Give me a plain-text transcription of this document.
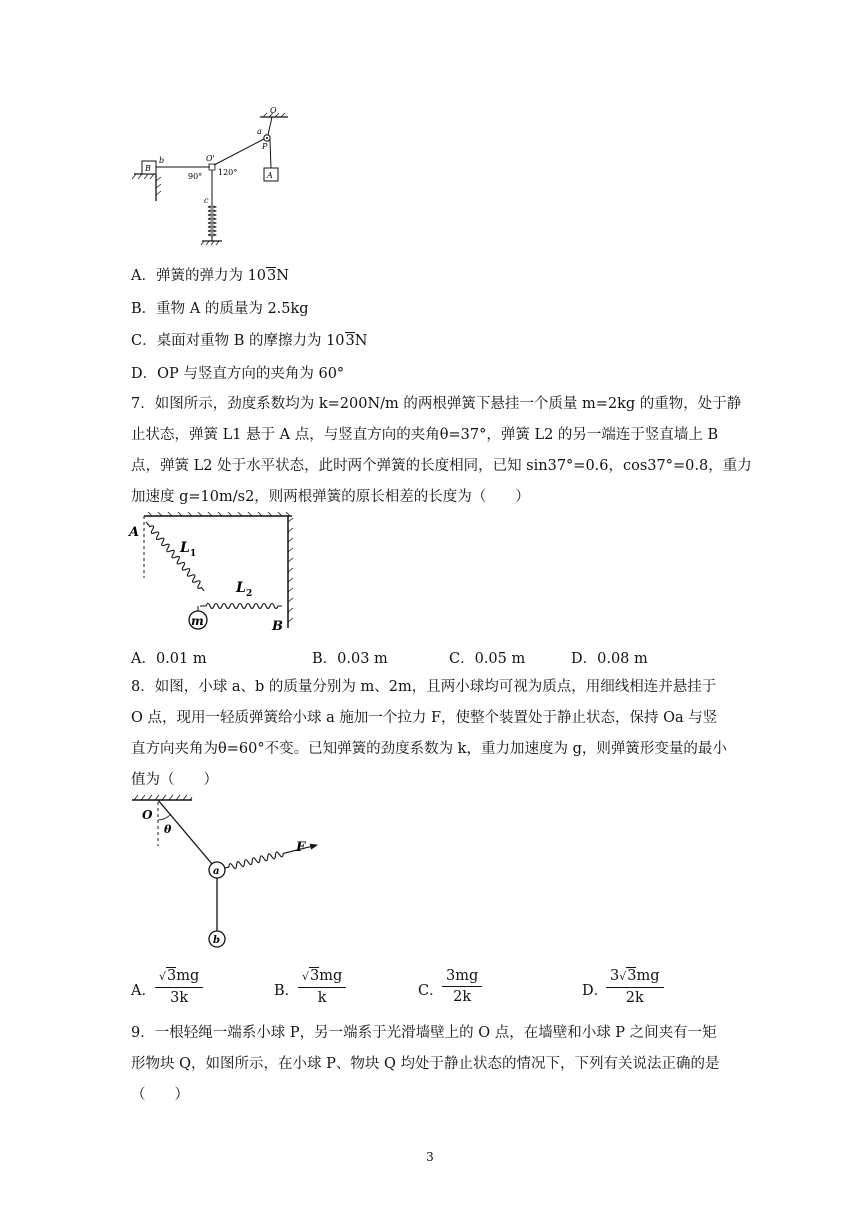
O
a
P
A
B
b	O'
90° 120°
c
A．弹簧的弹力为 103N
B．重物 A 的质量为 2.5kg
C．桌面对重物 B 的摩擦力为 103N
D．OP 与竖直方向的夹角为 60°
7．如图所示，劲度系数均为 k=200N/m 的两根弹簧下悬挂一个质量 m=2kg 的重物，处于静
止状态，弹簧 L1 悬于 A 点，与竖直方向的夹角θ=37°，弹簧 L2 的另一端连于竖直墙上 B
点，弹簧 L2 处于水平状态，此时两个弹簧的长度相同，已知 sin37°=0.6，cos37°=0.8，重力
加速度 g=10m/s2，则两根弹簧的原长相差的长度为（　　）
A
L 1
L 2
m	B
A．0.01 m	B．0.03 m	C．0.05 m	D．0.08 m
8．如图，小球 a、b 的质量分别为 m、2m，且两小球均可视为质点，用细线相连并悬挂于
O 点，现用一轻质弹簧给小球 a 施加一个拉力 F，使整个装置处于静止状态，保持 Oa 与竖
直方向夹角为θ=60°不变。已知弹簧的劲度系数为 k，重力加速度为 g，则弹簧形变量的最小
值为（　　）
O
θ
a
F
b
A． $\frac{√3mg}{3k}$	B．
$\frac{√3mg}{k}$	C．
$\frac{3mg}{2k}$	D．
$\frac{3√3mg}{2k}$
9．一根轻绳一端系小球 P，另一端系于光滑墙壁上的 O 点，在墙壁和小球 P 之间夹有一矩
形物块 Q，如图所示，在小球 P、物块 Q 均处于静止状态的情况下，下列有关说法正确的是
（　　）
3
